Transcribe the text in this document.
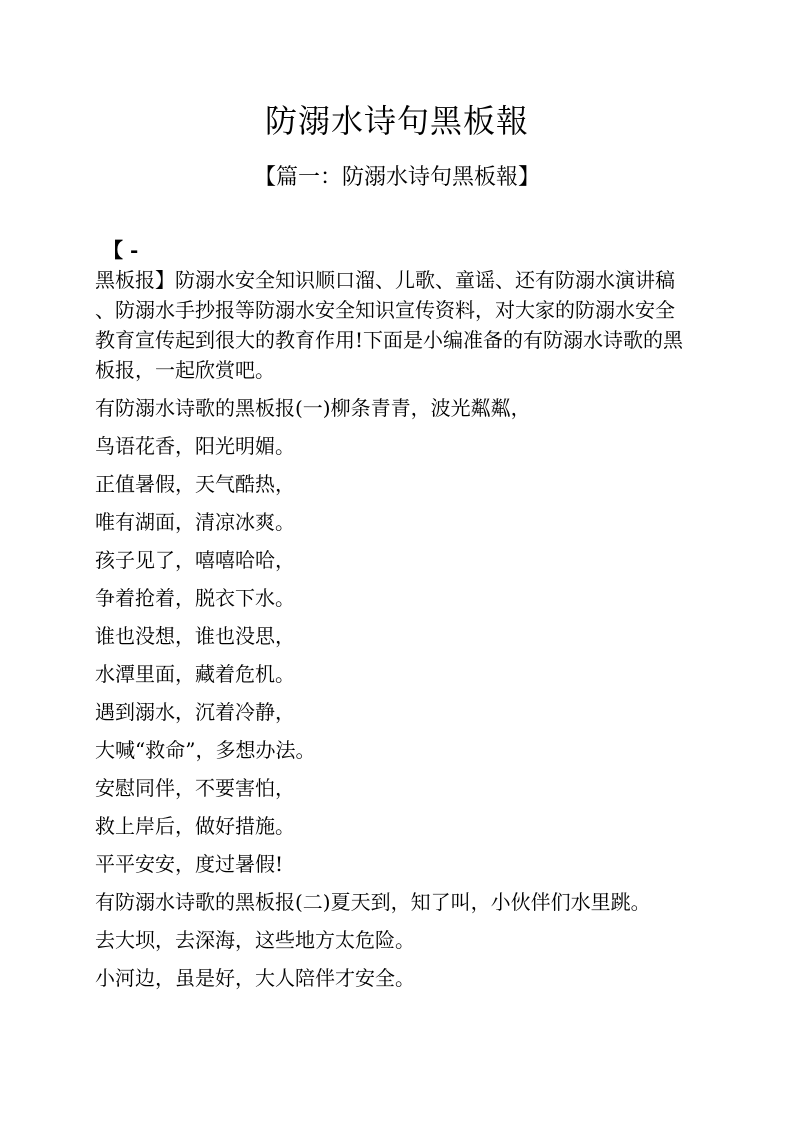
防溺水诗句黑板報
【篇一：防溺水诗句黑板報】
【 -
黑板报】防溺水安全知识顺口溜、儿歌、童谣、还有防溺水演讲稿
、防溺水手抄报等防溺水安全知识宣传资料，对大家的防溺水安全
教育宣传起到很大的教育作用!下面是小编准备的有防溺水诗歌的黑
板报，一起欣赏吧。
有防溺水诗歌的黑板报(一)柳条青青，波光粼粼，
鸟语花香，阳光明媚。
正值暑假，天气酷热，
唯有湖面，清凉冰爽。
孩子见了，嘻嘻哈哈，
争着抢着，脱衣下水。
谁也没想，谁也没思，
水潭里面，藏着危机。
遇到溺水，沉着冷静，
大喊“救命”，多想办法。
安慰同伴，不要害怕，
救上岸后，做好措施。
平平安安，度过暑假!
有防溺水诗歌的黑板报(二)夏天到，知了叫，小伙伴们水里跳。
去大坝，去深海，这些地方太危险。
小河边，虽是好，大人陪伴才安全。
